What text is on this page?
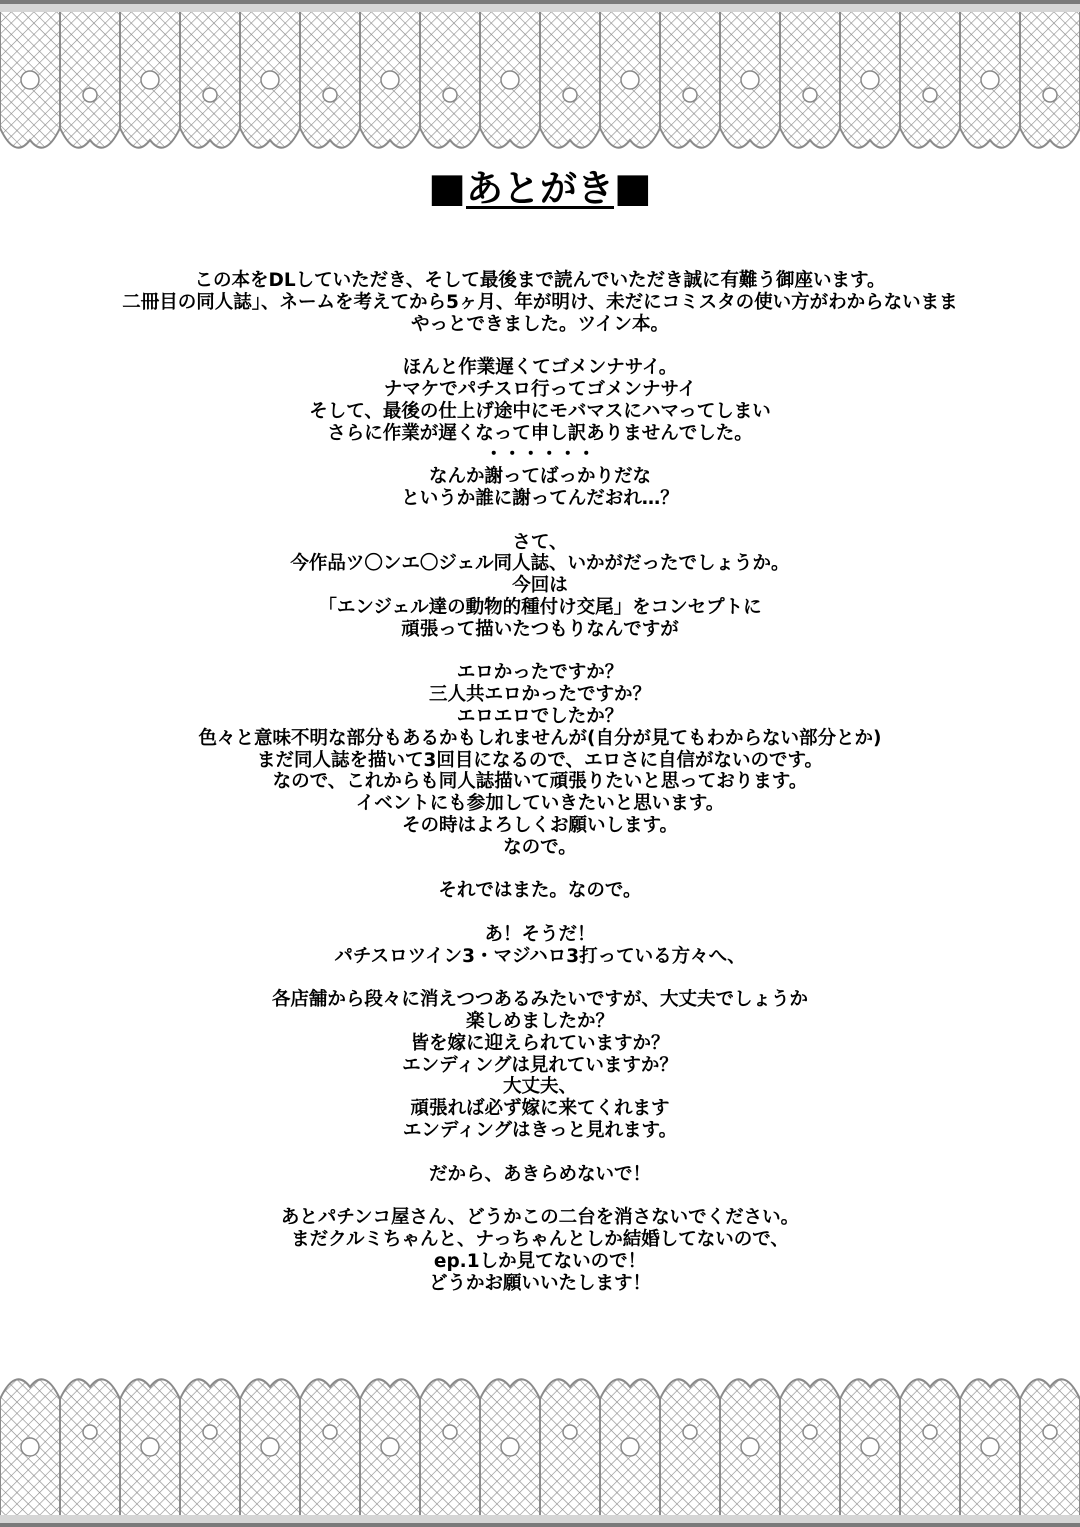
■あとがき■
この本をDLしていただき、そして最後まで読んでいただき誠に有難う御座います。
二冊目の同人誌」、ネームを考えてから5ヶ月、年が明け、未だにコミスタの使い方がわからないまま
やっとできました。ツイン本。
ほんと作業遅くてゴメンナサイ。
ナマケでパチスロ行ってゴメンナサイ
そして、最後の仕上げ途中にモバマスにハマってしまい
さらに作業が遅くなって申し訳ありませんでした。
・・・・・・
なんか謝ってばっかりだな
というか誰に謝ってんだおれ…？
さて、
今作品ツ〇ンエ〇ジェル同人誌、いかがだったでしょうか。
今回は
「エンジェル達の動物的種付け交尾」をコンセプトに
頑張って描いたつもりなんですが
エロかったですか？
三人共エロかったですか？
エロエロでしたか？
色々と意味不明な部分もあるかもしれませんが(自分が見てもわからない部分とか)
まだ同人誌を描いて3回目になるので、エロさに自信がないのです。
なので、これからも同人誌描いて頑張りたいと思っております。
イベントにも参加していきたいと思います。
その時はよろしくお願いします。
なので。
それではまた。なので。
あ！そうだ！
パチスロツイン3・マジハロ3打っている方々へ、
各店舗から段々に消えつつあるみたいですが、大丈夫でしょうか
楽しめましたか？
皆を嫁に迎えられていますか？
エンディングは見れていますか？
大丈夫、
頑張れば必ず嫁に来てくれます
エンディングはきっと見れます。
だから、あきらめないで！
あとパチンコ屋さん、どうかこの二台を消さないでください。
まだクルミちゃんと、ナっちゃんとしか結婚してないので、
ep.1しか見てないので！
どうかお願いいたします！
